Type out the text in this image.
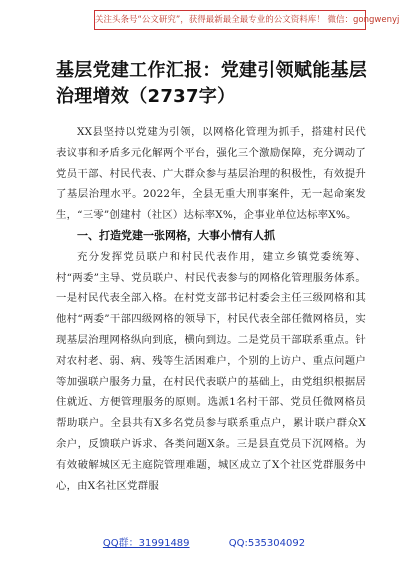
关注头条号“公文研究”，获得最新最全最专业的公文资料库！ 微信：gongwenyj
基层党建工作汇报：党建引领赋能基层治理增效（2737字）

XX县坚持以党建为引领，以网格化管理为抓手，搭建村民代表议事和矛盾多元化解两个平台，强化三个激励保障，充分调动了党员干部、村民代表、广大群众参与基层治理的积极性，有效提升了基层治理水平。2022年，全县无重大刑事案件，无一起命案发生，“三零”创建村（社区）达标率X%，企事业单位达标率X%。

一、打造党建一张网格，大事小情有人抓

充分发挥党员联户和村民代表作用，建立乡镇党委统筹、村“两委”主导、党员联户、村民代表参与的网格化管理服务体系。一是村民代表全部入格。在村党支部书记村委会主任三级网格和其他村“两委”干部四级网格的领导下，村民代表全部任微网格员，实现基层治理网格纵向到底，横向到边。二是党员干部联系重点。针对农村老、弱、病、残等生活困难户，个别的上访户、重点问题户等加强联户服务力量，在村民代表联户的基础上，由党组织根据居住就近、方便管理服务的原则。选派1名村干部、党员任微网格员帮助联户。全县共有X多名党员参与联系重点户，累计联户群众X余户，反馈联户诉求、各类问题X条。三是县直党员下沉网格。为有效破解城区无主庭院管理难题，城区成立了X个社区党群服务中心，由X名社区党群服

QQ群：31991489	QQ:535304092
